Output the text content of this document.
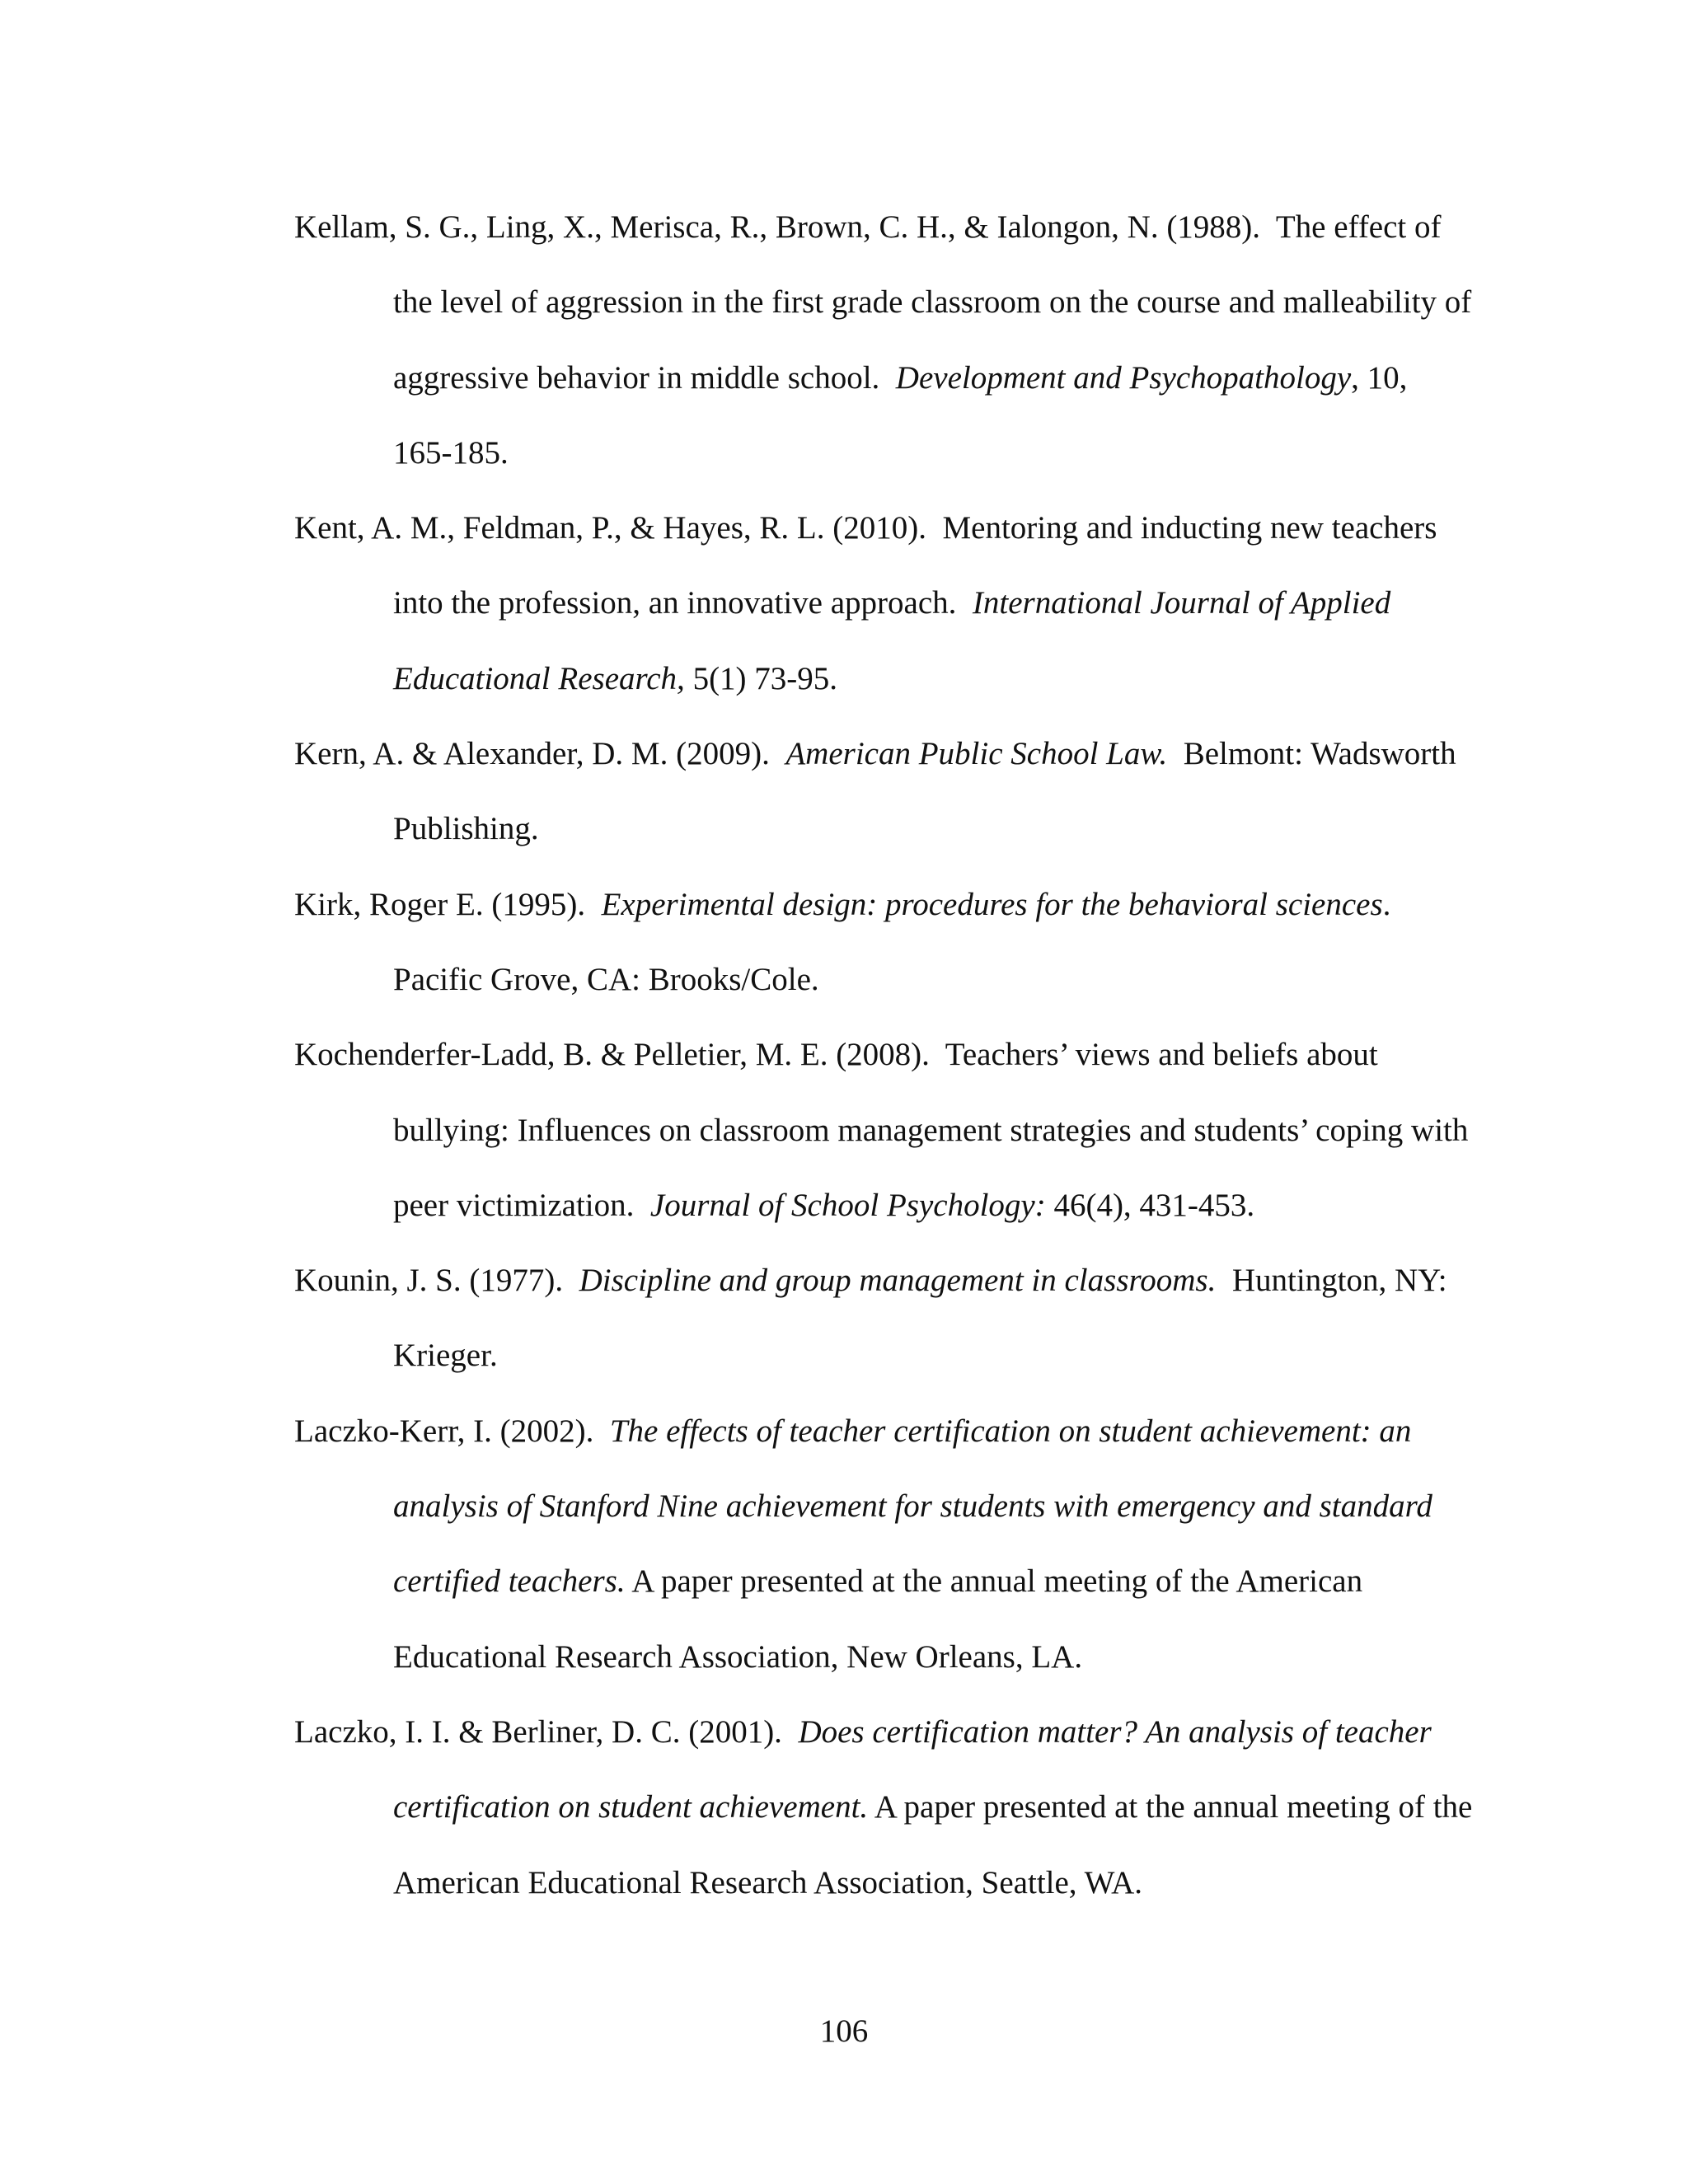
Kellam, S. G., Ling, X., Merisca, R., Brown, C. H., & Ialongon, N. (1988). The effect of the level of aggression in the first grade classroom on the course and malleability of aggressive behavior in middle school. Development and Psychopathology, 10, 165-185.

Kent, A. M., Feldman, P., & Hayes, R. L. (2010). Mentoring and inducting new teachers into the profession, an innovative approach. International Journal of Applied Educational Research, 5(1) 73-95.

Kern, A. & Alexander, D. M. (2009). American Public School Law. Belmont: Wadsworth Publishing.

Kirk, Roger E. (1995). Experimental design: procedures for the behavioral sciences. Pacific Grove, CA: Brooks/Cole.

Kochenderfer-Ladd, B. & Pelletier, M. E. (2008). Teachers’ views and beliefs about bullying: Influences on classroom management strategies and students’ coping with peer victimization. Journal of School Psychology: 46(4), 431-453.

Kounin, J. S. (1977). Discipline and group management in classrooms. Huntington, NY: Krieger.

Laczko-Kerr, I. (2002). The effects of teacher certification on student achievement: an analysis of Stanford Nine achievement for students with emergency and standard certified teachers. A paper presented at the annual meeting of the American Educational Research Association, New Orleans, LA.

Laczko, I. I. & Berliner, D. C. (2001). Does certification matter? An analysis of teacher certification on student achievement. A paper presented at the annual meeting of the American Educational Research Association, Seattle, WA.

106
